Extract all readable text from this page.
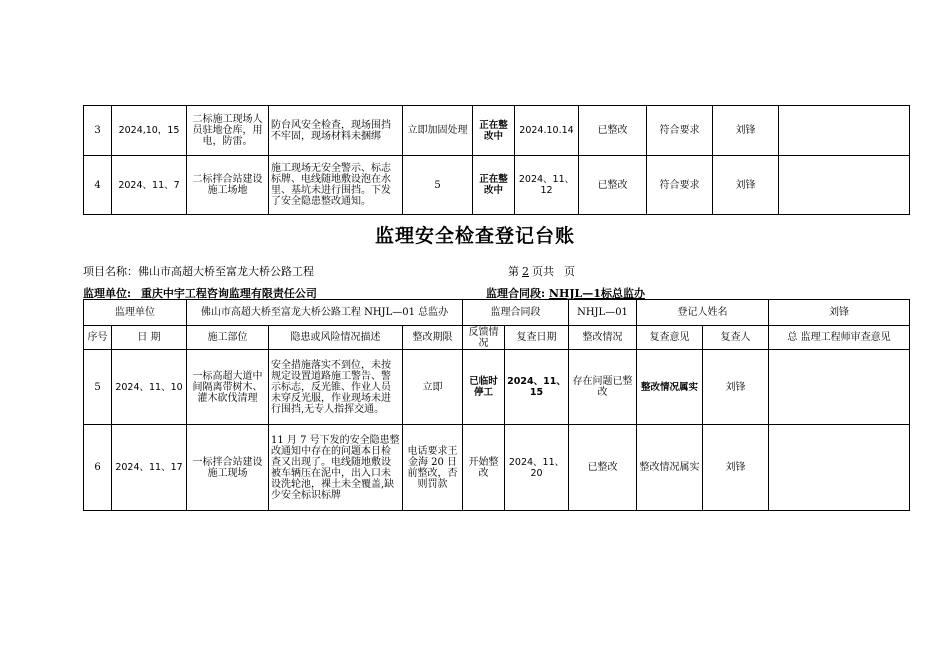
3	2024,10，15	二标施工现场人员驻地仓库，用电，防雷。	防台风安全检查，现场围挡不牢固，现场材料未捆绑	立即加固处理	正在整改中	2024.10.14	已整改	符合要求	刘锋	
4	2024、11、7	二标拌合站建设施工场地	施工现场无安全警示、标志标牌、电线随地敷设泡在水里、基坑未进行围挡。下发了安全隐患整改通知。	5	正在整改中	2024、11、12	已整改	符合要求	刘锋	
监理安全检查登记台账
项目名称：佛山市高超大桥至富龙大桥公路工程	第 2 页共 页
监理单位: 重庆中宇工程咨询监理有限责任公司	监理合同段: NHJL—1标总监办
监理单位		佛山市高超大桥至富龙大桥公路工程 NHJL—01 总监办			监理合同段		NHJL—01	登记人姓名		刘锋
序号	日 期	施工部位	隐患或风险情况描述	整改期限	反馈情况	复查日期	整改情况	复查意见	复查人	总 监理工程师审查意见
5	2024、11、10	一标高超大道中间隔离带树木、灌木砍伐清理	安全措施落实不到位，未按规定设置道路施工警告、警示标志，反光锥、作业人员未穿反光服，作业现场未进行围挡,无专人指挥交通。	立即	已临时停工	2024、11、15	存在问题已整改	整改情况属实	刘锋	
6	2024、11、17	一标拌合站建设施工现场	11 月 7 号下发的安全隐患整改通知中存在的问题本日检查又出现了。电线随地敷设被车辆压在泥中，出入口未设洗轮池，裸土未全覆盖,缺少安全标识标牌	电话要求王金海 20 日前整改，否则罚款	开始整改	2024、11、20	已整改	整改情况属实	刘锋	
